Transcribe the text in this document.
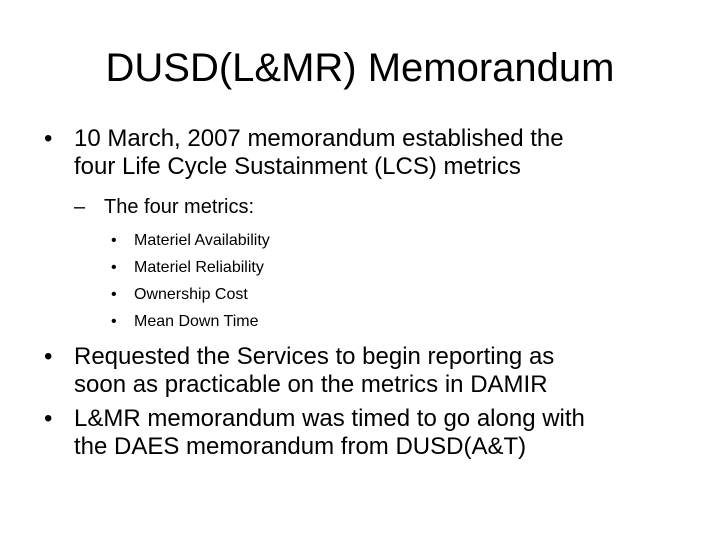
DUSD(L&MR) Memorandum
• 10 March, 2007 memorandum established the
four Life Cycle Sustainment (LCS) metrics
– The four metrics:
• Materiel Availability
• Materiel Reliability
• Ownership Cost
• Mean Down Time
• Requested the Services to begin reporting as
soon as practicable on the metrics in DAMIR
• L&MR memorandum was timed to go along with
the DAES memorandum from DUSD(A&T)
